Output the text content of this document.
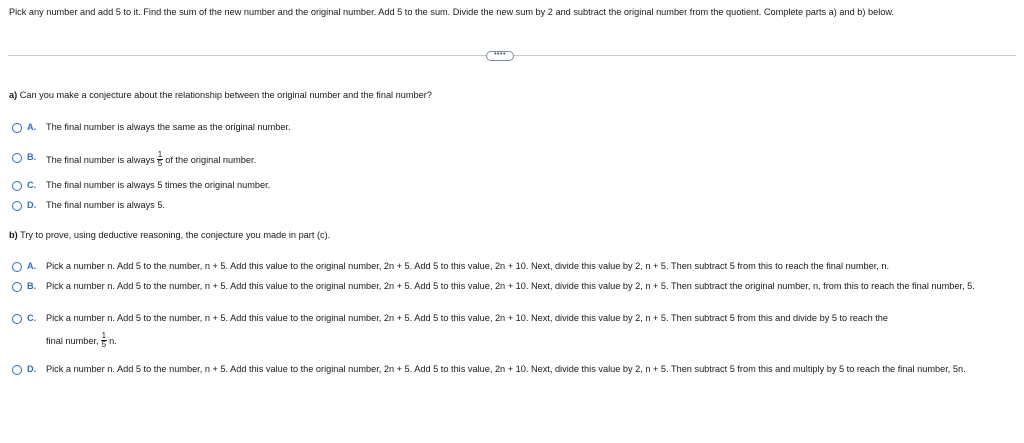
Pick any number and add 5 to it. Find the sum of the new number and the original number. Add 5 to the sum. Divide the new sum by 2 and subtract the original number from the quotient. Complete parts a) and b) below.
••••
a) Can you make a conjecture about the relationship between the original number and the final number?
A. The final number is always the same as the original number.
B. The final number is always $\frac{1}{5}$ of the original number.
C. The final number is always 5 times the original number.
D. The final number is always 5.
b) Try to prove, using deductive reasoning, the conjecture you made in part (c).
A. Pick a number n. Add 5 to the number, n + 5. Add this value to the original number, 2n + 5. Add 5 to this value, 2n + 10. Next, divide this value by 2, n + 5. Then subtract 5 from this to reach the final number, n.
B. Pick a number n. Add 5 to the number, n + 5. Add this value to the original number, 2n + 5. Add 5 to this value, 2n + 10. Next, divide this value by 2, n + 5. Then subtract the original number, n, from this to reach the final number, 5.
C. Pick a number n. Add 5 to the number, n + 5. Add this value to the original number, 2n + 5. Add 5 to this value, 2n + 10. Next, divide this value by 2, n + 5. Then subtract 5 from this and divide by 5 to reach the
final number, $\frac{1}{5} n$.
D. Pick a number n. Add 5 to the number, n + 5. Add this value to the original number, 2n + 5. Add 5 to this value, 2n + 10. Next, divide this value by 2, n + 5. Then subtract 5 from this and multiply by 5 to reach the final number, 5n.
